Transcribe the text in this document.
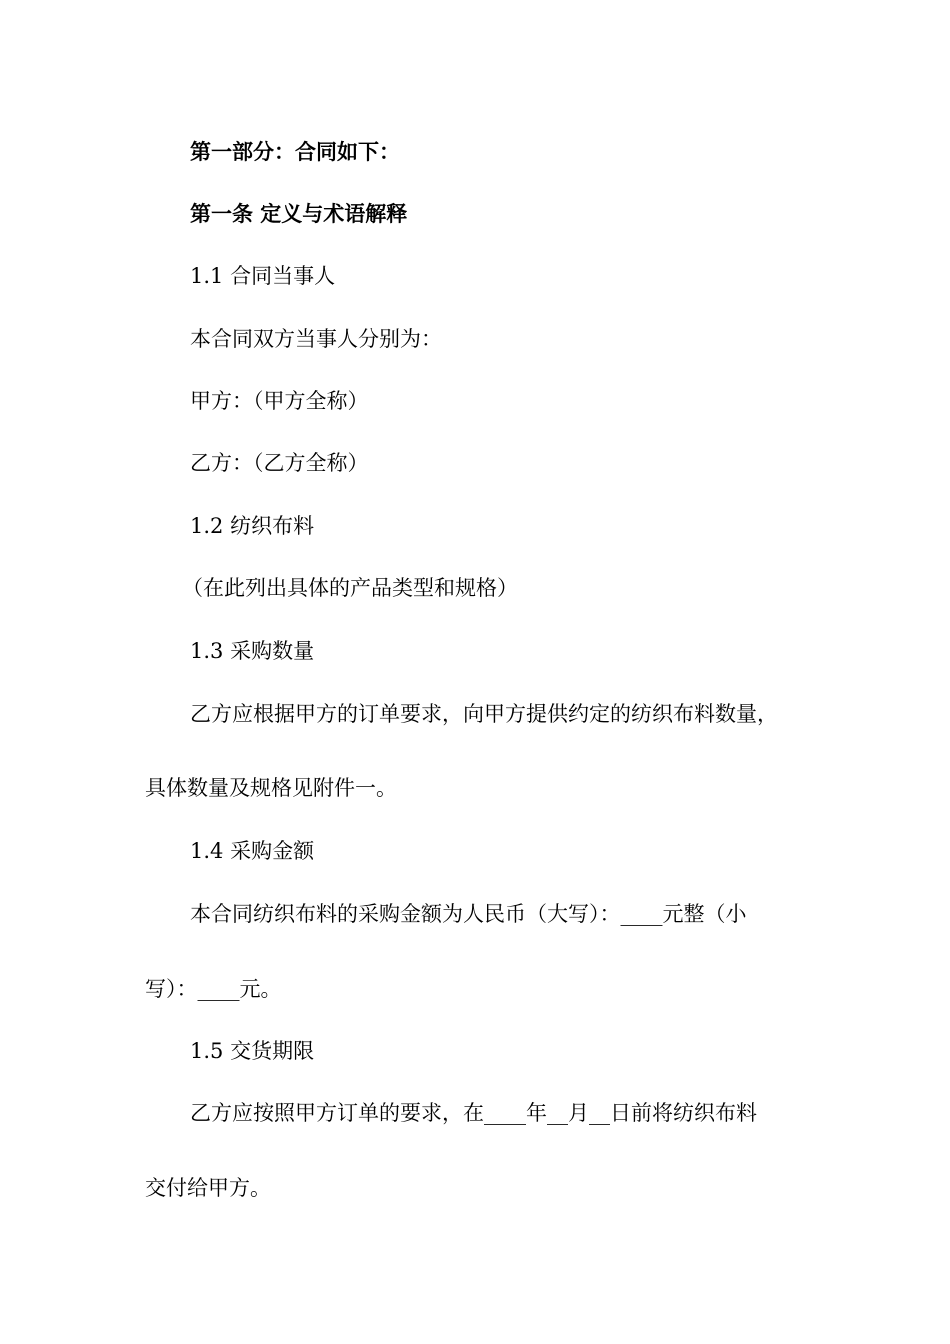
第一部分：合同如下：

第一条 定义与术语解释

1.1 合同当事人

本合同双方当事人分别为：

甲方：（甲方全称）

乙方：（乙方全称）

1.2 纺织布料

（在此列出具体的产品类型和规格）

1.3 采购数量

乙方应根据甲方的订单要求，向甲方提供约定的纺织布料数量，

具体数量及规格见附件一。

1.4 采购金额

本合同纺织布料的采购金额为人民币（大写）：____元整（小

写）：____元。

1.5 交货期限

乙方应按照甲方订单的要求，在____年__月__日前将纺织布料

交付给甲方。
